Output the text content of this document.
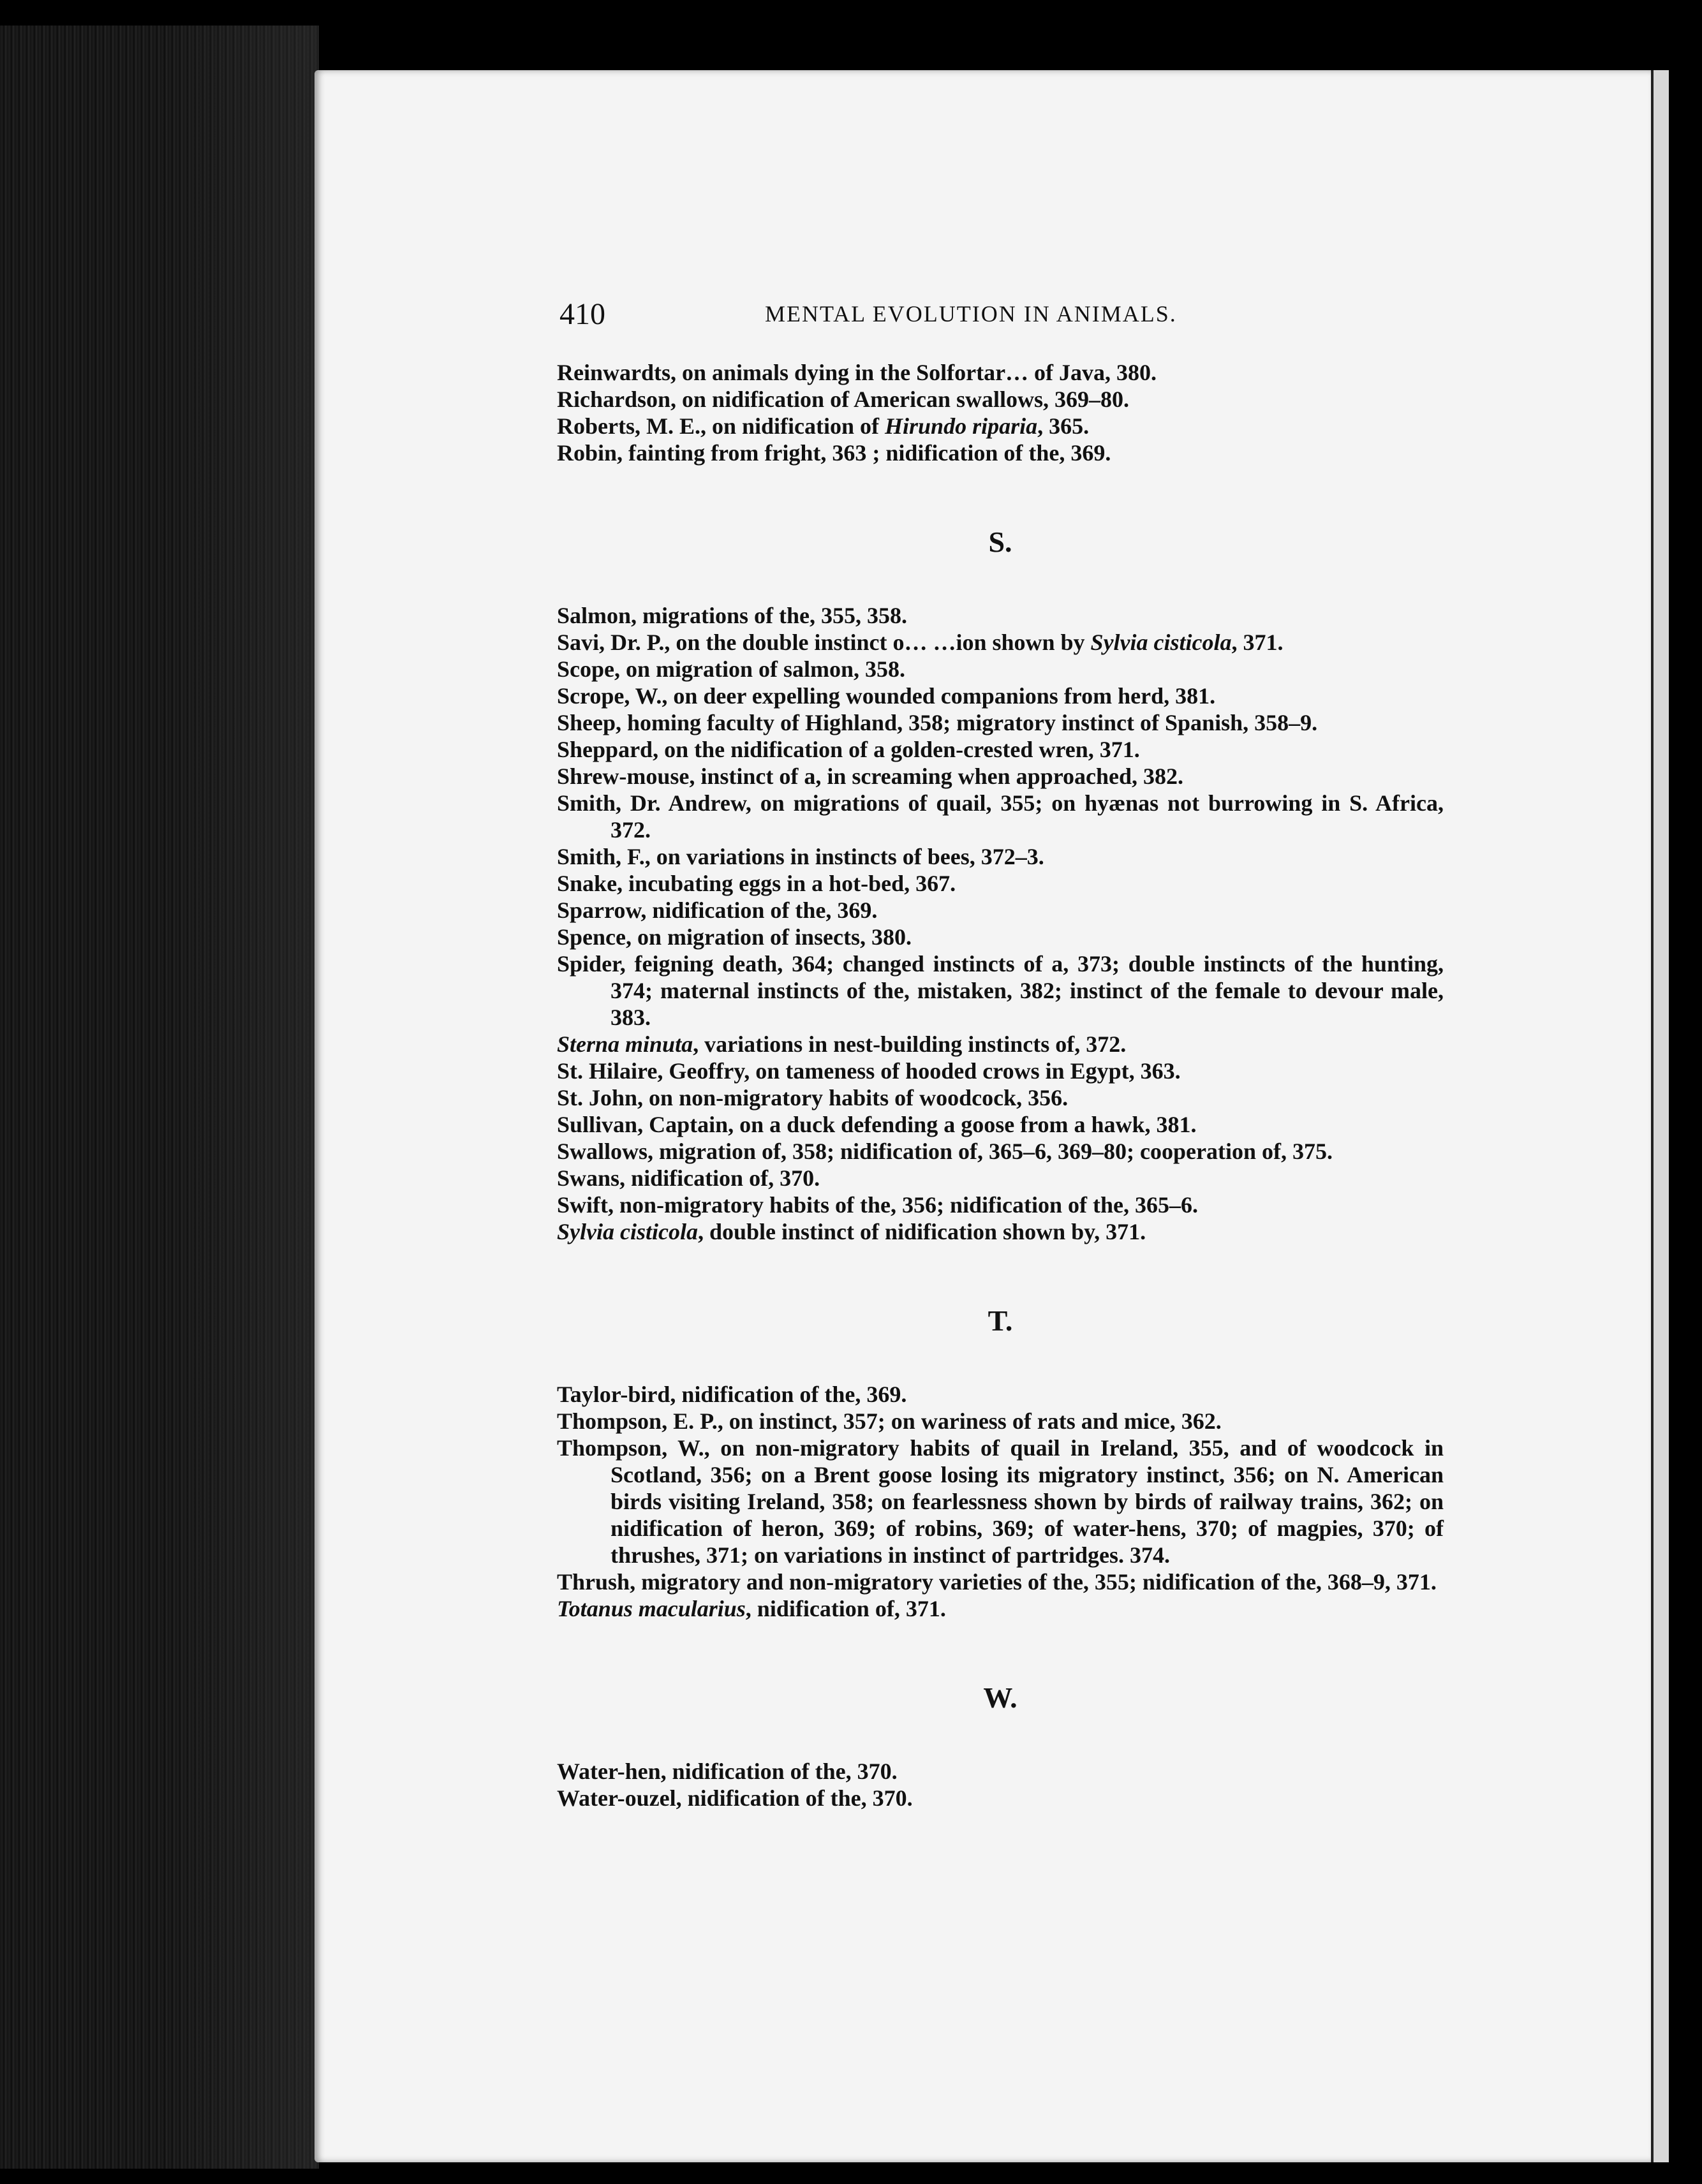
410	MENTAL EVOLUTION IN ANIMALS.

Reinwardts, on animals dying in the Solfortar… of Java, 380.

Richardson, on nidification of American swallows, 369–80.

Roberts, M. E., on nidification of Hirundo riparia, 365.

Robin, fainting from fright, 363 ; nidification of the, 369.

S.

Salmon, migrations of the, 355, 358.

Savi, Dr. P., on the double instinct o… …ion shown by Sylvia cisticola, 371.

Scope, on migration of salmon, 358.

Scrope, W., on deer expelling wounded companions from herd, 381.

Sheep, homing faculty of Highland, 358; migratory instinct of Spanish, 358–9.

Sheppard, on the nidification of a golden-crested wren, 371.

Shrew-mouse, instinct of a, in screaming when approached, 382.

Smith, Dr. Andrew, on migrations of quail, 355; on hyænas not burrowing in S. Africa, 372.

Smith, F., on variations in instincts of bees, 372–3.

Snake, incubating eggs in a hot-bed, 367.

Sparrow, nidification of the, 369.

Spence, on migration of insects, 380.

Spider, feigning death, 364; changed instincts of a, 373; double instincts of the hunting, 374; maternal instincts of the, mistaken, 382; instinct of the female to devour male, 383.

Sterna minuta, variations in nest-building instincts of, 372.

St. Hilaire, Geoffry, on tameness of hooded crows in Egypt, 363.

St. John, on non-migratory habits of woodcock, 356.

Sullivan, Captain, on a duck defending a goose from a hawk, 381.

Swallows, migration of, 358; nidification of, 365–6, 369–80; cooperation of, 375.

Swans, nidification of, 370.

Swift, non-migratory habits of the, 356; nidification of the, 365–6.

Sylvia cisticola, double instinct of nidification shown by, 371.

T.

Taylor-bird, nidification of the, 369.

Thompson, E. P., on instinct, 357; on wariness of rats and mice, 362.

Thompson, W., on non-migratory habits of quail in Ireland, 355, and of woodcock in Scotland, 356; on a Brent goose losing its migratory instinct, 356; on N. American birds visiting Ireland, 358; on fearlessness shown by birds of railway trains, 362; on nidification of heron, 369; of robins, 369; of water-hens, 370; of magpies, 370; of thrushes, 371; on variations in instinct of partridges. 374.

Thrush, migratory and non-migratory varieties of the, 355; nidification of the, 368–9, 371.

Totanus macularius, nidification of, 371.

W.

Water-hen, nidification of the, 370.

Water-ouzel, nidification of the, 370.
